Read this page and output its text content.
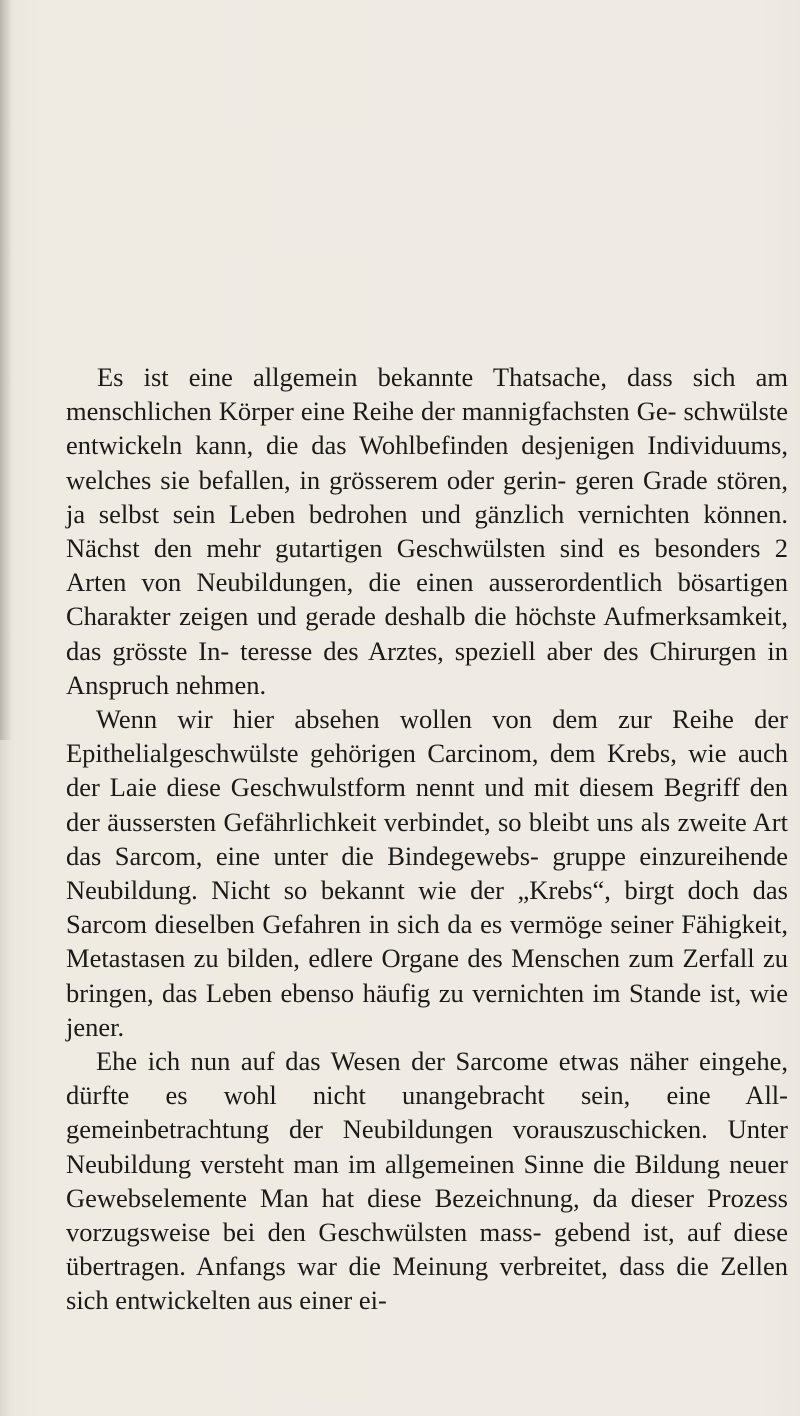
Es ist eine allgemein bekannte Thatsache, dass sich am menschlichen Körper eine Reihe der mannigfachsten Ge- schwülste entwickeln kann, die das Wohlbefinden desjenigen Individuums, welches sie befallen, in grösserem oder gerin- geren Grade stören, ja selbst sein Leben bedrohen und gänzlich vernichten können. Nächst den mehr gutartigen Geschwülsten sind es besonders 2 Arten von Neubildungen, die einen ausserordentlich bösartigen Charakter zeigen und gerade deshalb die höchste Aufmerksamkeit, das grösste In- teresse des Arztes, speziell aber des Chirurgen in Anspruch nehmen.

Wenn wir hier absehen wollen von dem zur Reihe der Epithelialgeschwülste gehörigen Carcinom, dem Krebs, wie auch der Laie diese Geschwulstform nennt und mit diesem Begriff den der äussersten Gefährlichkeit verbindet, so bleibt uns als zweite Art das Sarcom, eine unter die Bindegewebs- gruppe einzureihende Neubildung. Nicht so bekannt wie der „Krebs“, birgt doch das Sarcom dieselben Gefahren in sich da es vermöge seiner Fähigkeit, Metastasen zu bilden, edlere Organe des Menschen zum Zerfall zu bringen, das Leben ebenso häufig zu vernichten im Stande ist, wie jener.

Ehe ich nun auf das Wesen der Sarcome etwas näher eingehe, dürfte es wohl nicht unangebracht sein, eine All- gemeinbetrachtung der Neubildungen vorauszuschicken. Unter Neubildung versteht man im allgemeinen Sinne die Bildung neuer Gewebselemente Man hat diese Bezeichnung, da dieser Prozess vorzugsweise bei den Geschwülsten mass- gebend ist, auf diese übertragen. Anfangs war die Meinung verbreitet, dass die Zellen sich entwickelten aus einer ei-
